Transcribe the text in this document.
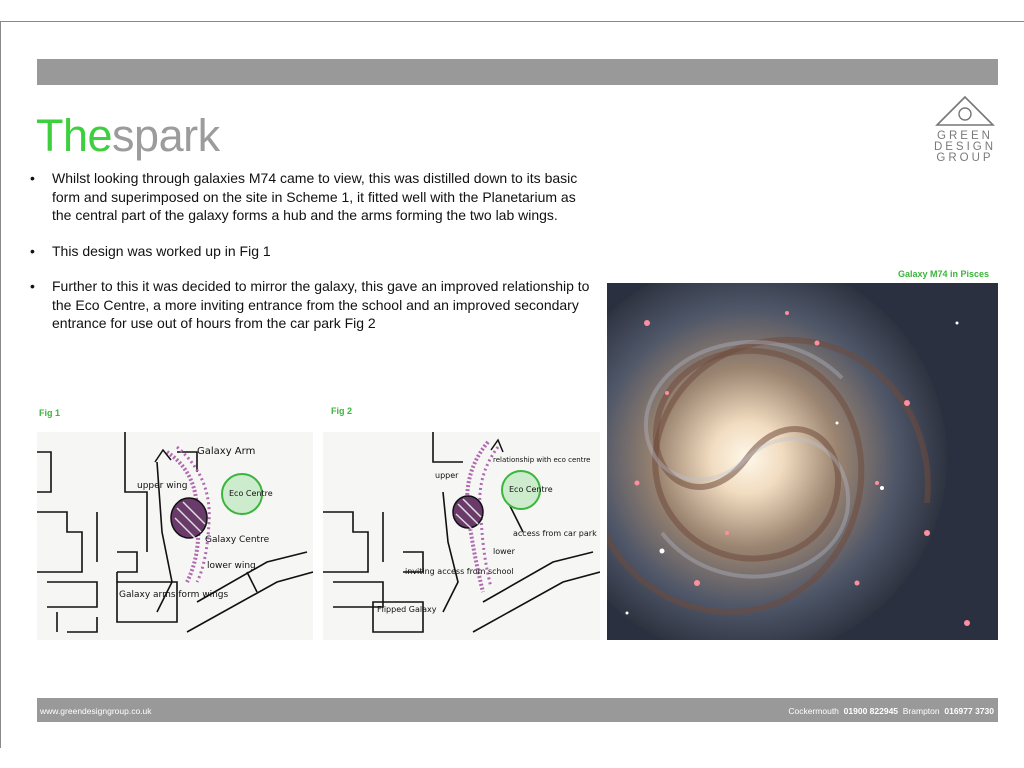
Thespark	GREEN
DESIGN
GROUP
•	Whilst looking through galaxies M74 came to view, this was distilled down to its basic form and superimposed on the site in Scheme 1, it fitted well with the Planetarium as the central part of the galaxy forms a hub and the arms forming the two lab wings.
•	This design was worked up in Fig 1
•	Further to this it was decided to mirror the galaxy, this gave an improved relationship to the Eco Centre, a more inviting entrance from the school and an improved secondary entrance for use out of hours from the car park Fig 2
Fig 1	Fig 2
Galaxy M74 in Pisces
Galaxy Arm
upper wing
Eco Centre
Galaxy Centre
lower wing
Galaxy arms form wings
relationship with eco centre
upper
Eco Centre
access from car park
lower
inviting access from school
Flipped Galaxy
www.greendesigngroup.co.uk	Cockermouth 01900 822945 Brampton 016977 3730
